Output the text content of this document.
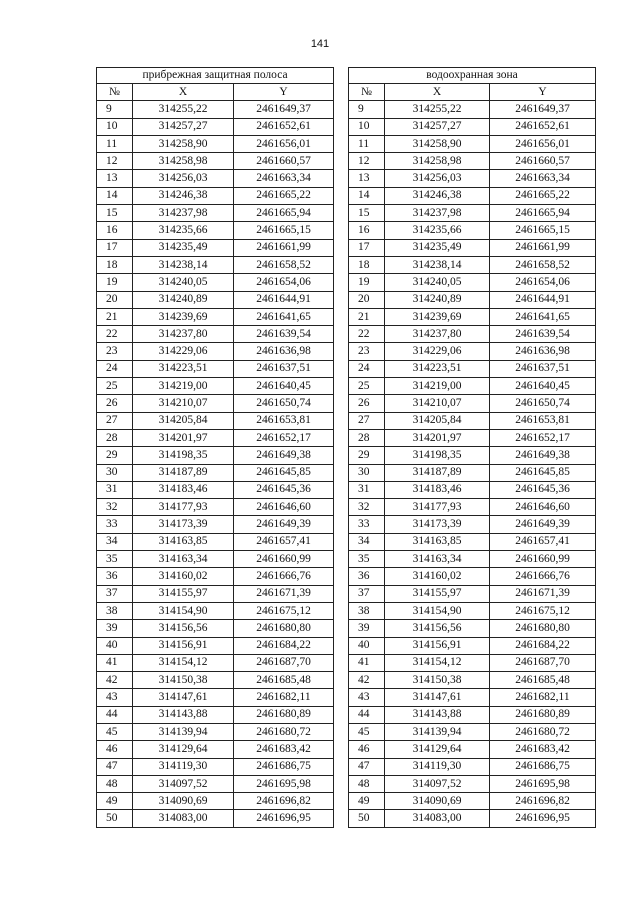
141
прибрежная защитная полоса				водоохранная зона		
№	X	Y		№	X	Y
9	314255,22	2461649,37		9	314255,22	2461649,37
10	314257,27	2461652,61		10	314257,27	2461652,61
11	314258,90	2461656,01		11	314258,90	2461656,01
12	314258,98	2461660,57		12	314258,98	2461660,57
13	314256,03	2461663,34		13	314256,03	2461663,34
14	314246,38	2461665,22		14	314246,38	2461665,22
15	314237,98	2461665,94		15	314237,98	2461665,94
16	314235,66	2461665,15		16	314235,66	2461665,15
17	314235,49	2461661,99		17	314235,49	2461661,99
18	314238,14	2461658,52		18	314238,14	2461658,52
19	314240,05	2461654,06		19	314240,05	2461654,06
20	314240,89	2461644,91		20	314240,89	2461644,91
21	314239,69	2461641,65		21	314239,69	2461641,65
22	314237,80	2461639,54		22	314237,80	2461639,54
23	314229,06	2461636,98		23	314229,06	2461636,98
24	314223,51	2461637,51		24	314223,51	2461637,51
25	314219,00	2461640,45		25	314219,00	2461640,45
26	314210,07	2461650,74		26	314210,07	2461650,74
27	314205,84	2461653,81		27	314205,84	2461653,81
28	314201,97	2461652,17		28	314201,97	2461652,17
29	314198,35	2461649,38		29	314198,35	2461649,38
30	314187,89	2461645,85		30	314187,89	2461645,85
31	314183,46	2461645,36		31	314183,46	2461645,36
32	314177,93	2461646,60		32	314177,93	2461646,60
33	314173,39	2461649,39		33	314173,39	2461649,39
34	314163,85	2461657,41		34	314163,85	2461657,41
35	314163,34	2461660,99		35	314163,34	2461660,99
36	314160,02	2461666,76		36	314160,02	2461666,76
37	314155,97	2461671,39		37	314155,97	2461671,39
38	314154,90	2461675,12		38	314154,90	2461675,12
39	314156,56	2461680,80		39	314156,56	2461680,80
40	314156,91	2461684,22		40	314156,91	2461684,22
41	314154,12	2461687,70		41	314154,12	2461687,70
42	314150,38	2461685,48		42	314150,38	2461685,48
43	314147,61	2461682,11		43	314147,61	2461682,11
44	314143,88	2461680,89		44	314143,88	2461680,89
45	314139,94	2461680,72		45	314139,94	2461680,72
46	314129,64	2461683,42		46	314129,64	2461683,42
47	314119,30	2461686,75		47	314119,30	2461686,75
48	314097,52	2461695,98		48	314097,52	2461695,98
49	314090,69	2461696,82		49	314090,69	2461696,82
50	314083,00	2461696,95		50	314083,00	2461696,95
